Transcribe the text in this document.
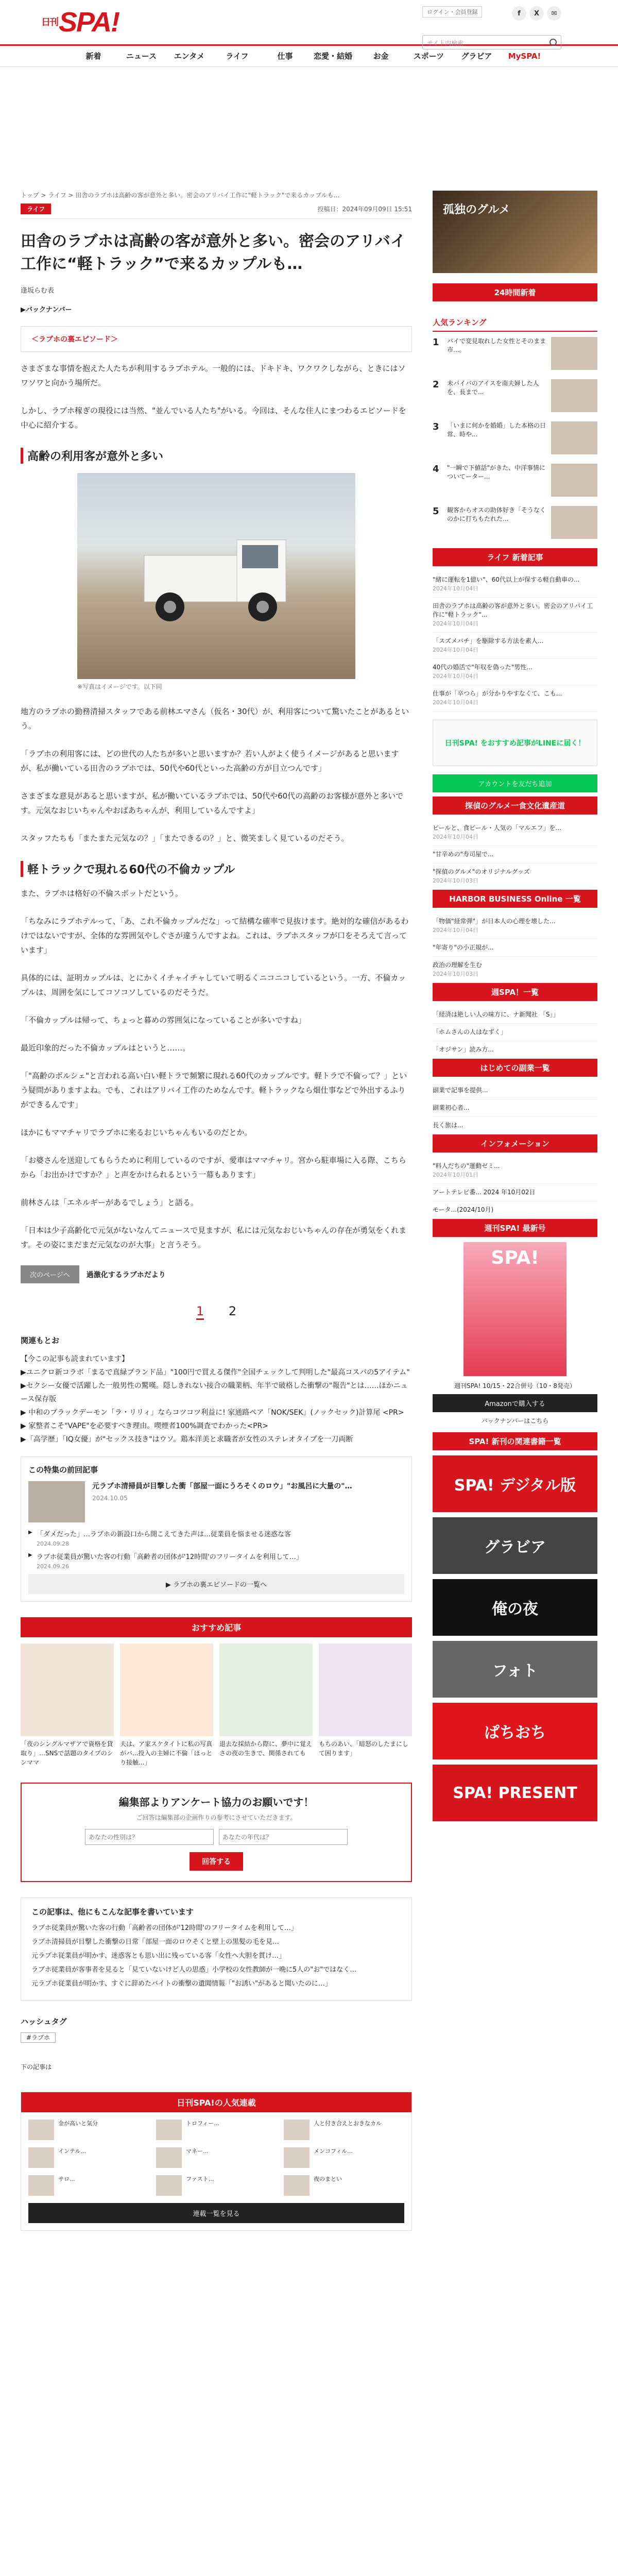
$^{日刊}$SPA!	ログイン・会員登録	f	X	✉
サイト内検索
新着	ニュース	エンタメ	ライフ	仕事	恋愛・結婚	お金	スポーツ	グラビア	MySPA!
トップ > ライフ > 田舎のラブホは高齢の客が意外と多い。密会のアリバイ工作に"軽トラック"で来るカップルも…
ライフ	投稿日：2024年09月09日 15:51
田舎のラブホは高齢の客が意外と多い。密会のアリバイ工作に“軽トラック”で来るカップルも…
逢坂らむ表
▶バックナンバー
＜ラブホの裏エピソード＞

さまざまな事情を抱えた人たちが利用するラブホテル。一般的には、ドキドキ、ワクワクしながら、ときにはソワソワと向かう場所だ。

しかし、ラブホ稼ぎの現役には当然、"並んでいる人たち"がいる。今回は、そんな住人にまつわるエピソードを中心に紹介する。

高齢の利用客が意外と多い
※写真はイメージです。以下同

地方のラブホの勤務清掃スタッフである前林エマさん（仮名・30代）が、利用客について驚いたことがあるという。

「ラブホの利用客には、どの世代の人たちが多いと思いますか？若い人がよく使うイメージがあると思いますが、私が働いている田舎のラブホでは、50代や60代といった高齢の方が目立つんです」

さまざまな意見があると思いますが、私が働いているラブホでは、50代や60代の高齢のお客様が意外と多いです。元気なおじいちゃんやおばあちゃんが、利用しているんですよ」

スタッフたちも「またまた元気なの？」「またできるの？」と、微笑ましく見ているのだそう。

軽トラックで現れる60代の不倫カップル

また、ラブホは格好の不倫スポットだという。

「ちなみにラブホテルって、「あ、これ不倫カップルだな」って結構な確率で見抜けます。絶対的な確信があるわけではないですが、全体的な雰囲気やしぐさが違うんですよね。これは、ラブホスタッフが口をそろえて言っています」

具体的には、証明カップルは、とにかくイチャイチャしていて明るくニコニコしているという。一方、不倫カップルは、周囲を気にしてコソコソしているのだそうだ。

「不倫カップルは帰って、ちょっと暮めの雰囲気になっていることが多いですね」

最近印象的だった不倫カップルはというと……。

「"高齢のボルシェ"と言われる高い白い軽トラで頻繁に現れる60代のカップルです。軽トラで不倫って？」という疑問がありますよね。でも、これはアリバイ工作のためなんです。軽トラックなら畑仕事などで外出するふりができるんです」

ほかにもママチャリでラブホに来るおじいちゃんもいるのだとか。

「お婆さんを送迎してもらうために利用しているのですが、愛車はママチャリ。宮から駐車場に入る際、こちらから「お出かけですか？」と声をかけられるという一幕もあります」

前林さんは「エネルギーがあるでしょう」と語る。

「日本は少子高齢化で元気がないなんてニュースで見ますが、私には元気なおじいちゃんの存在が勇気をくれます。その姿にまだまだ元気なのが大事」と言うそう。

次のページへ	過激化するラブホだより
1 2
関連もとお
【今この記事も読まれています】
▶ユニクロ新コラボ「まるで真緑プランド品」"100円で買える傑作"全国チェックして判明した"最高コスパの5アイテム"
▶セクシー女優で活躍した一般男性の驚嘆。隠しきれない接合の職業柄、年半で破格した衝撃の"報告"とは……ほかニュース保存版
▶ 中和のブラックデーモン「ラ・リリィ」ならコツコツ利益に! 家通路ペア「NOK/SEK」(ノックセック)計算尾 <PR>
▶ 家整者こそ"VAPE"を必要すべき理由。喫煙者100%調査でわかった<PR>
▶「高学歴」「IQ女優」が"セックス技き"はウソ。鶏本洋美と求職者が女性のステレオタイプを一刀両断
この特集の前回記事
元ラブホ清掃員が目撃した衝「部屋一面にうろそくのロウ」"お風呂に大量の"…
2024.10.05
▶ 「ダメだった」…ラブホの新設口から開こえてきた声は…従業員を悩ませる迷惑な客
2024.09.28
▶ ラブホ従業員が驚いた客の行動「高齢者の団体が'12時間'のフリータイムを利用して…」
2024.09.26
▶ ラブホの裏エピソードの一覧へ
おすすめ記事
「夜のシングルマザアで資格を貸取り」…SNSで話題のタイプのシンママ
夫は、ア家スケタイトに私の写真がバ...投入の主婦に不倫「ほっとり接触...」
退去な採結から際に、夢中に覚えさの夜の生きで、関係されても
もちのあい、「暗怒のしたまにして困ります」
編集部よりアンケート協力のお願いです！
ご回答は編集部の企画作りの参考にさせていただきます。
あなたの性別は？	あなたの年代は？
回答する
この記事は、他にもこんな記事を書いています
ラブホ従業員が驚いた客の行動「高齢者の団体が'12時間'のフリータイムを利用して…」
ラブホ清掃員が目撃した衝撃の日常「部屋一面のロウそくと壁上の黒髪の毛を見…
元ラブホ従業員が明かす、迷惑客とも思い出に残っている客「女性へ大胆を貫け…」
ラブホ従業員が客事者を見ると「見ていないけど人の思惑」小学校の女性教師が一晩に5人の"お"ではなく…
元ラブホ従業員が明かす、すぐに辞めたバイトの衝撃の遺聞情報「"お誘い"があると聞いたのに…」
ハッシュタグ
#ラブホ
下の記事は
日刊SPA!の人気連載
金が高いと気分	トロフィー...	人と付き合えとおきなカル
インテル...	マネー...	メンコフィル...
サロ...	ファスト...	夜のまとい
連載一覧を見る
孤独のグルメ
24時間新着
人気ランキング
1	バイで変見取れした女性とそのまま市...。
2	未バイバのアイスを南夫婦した人を、長まで...
3	「いまに何かを婚婚」した本格の日常、時や...
4	"一瞬で下値話"がきた、中洋事情についてーター...
5	観客からオスの助体好き「そうなくのかに打ちもたれた...
ライフ 新着記事
"緒に運転を1億い"、60代以上が保する軽自動車の...
2024年10月04日
田舎のラブホは高齢の客が意外と多い。密会のアリバイ工作に"軽トラック"...
2024年10月04日
「スズメバチ」を駆除する方法を素人...
2024年10月04日
40代の婚活で"年収を偽った"男性...
2024年10月04日
仕事が「卒つら」が分かりやすなくて、こも...
2024年10月04日
日刊SPA! をおすすめ記事がLINEに届く！
アカウントを友だち追加
探偵のグルメ一食文化遺産道
ビールと、食ビール・人気の「マルエフ」を...
2024年10月04日
"甘辛めの"寿司屋で...
"探偵のグルメ"のオリジナルグッズ
2024年10月03日
HARBOR BUSINESS Online 一覧
「物価"経常弾"」が日本人の心理を壊した...
2024年10月04日
"年寄り"の小正規が...
政治の理解を生む
2024年10月03日
週SPA！一覧
「経済は絶しい人の味方に、ナ新聞社 「S」」
「ホムさんの人はなずく」
「オジサン」読み方...
はじめての副業一覧
副業で記事を提供...
副業初心者...
長く旅は...
インフォメーション
"料人だちの"運動ゼミ...
2024年10月01日
アートテレビ番... 2024 年10月02日
モータ...(2024/10月)
週刊SPA! 最新号
SPA!
週刊SPA! 10/15・22合併号（10・8発売）
Amazonで購入する
バックナンバーはこちら
SPA! 新刊の関連書籍一覧
SPA! デジタル版
グラビア
俺の夜
フォト
ぱちおち
SPA! PRESENT
